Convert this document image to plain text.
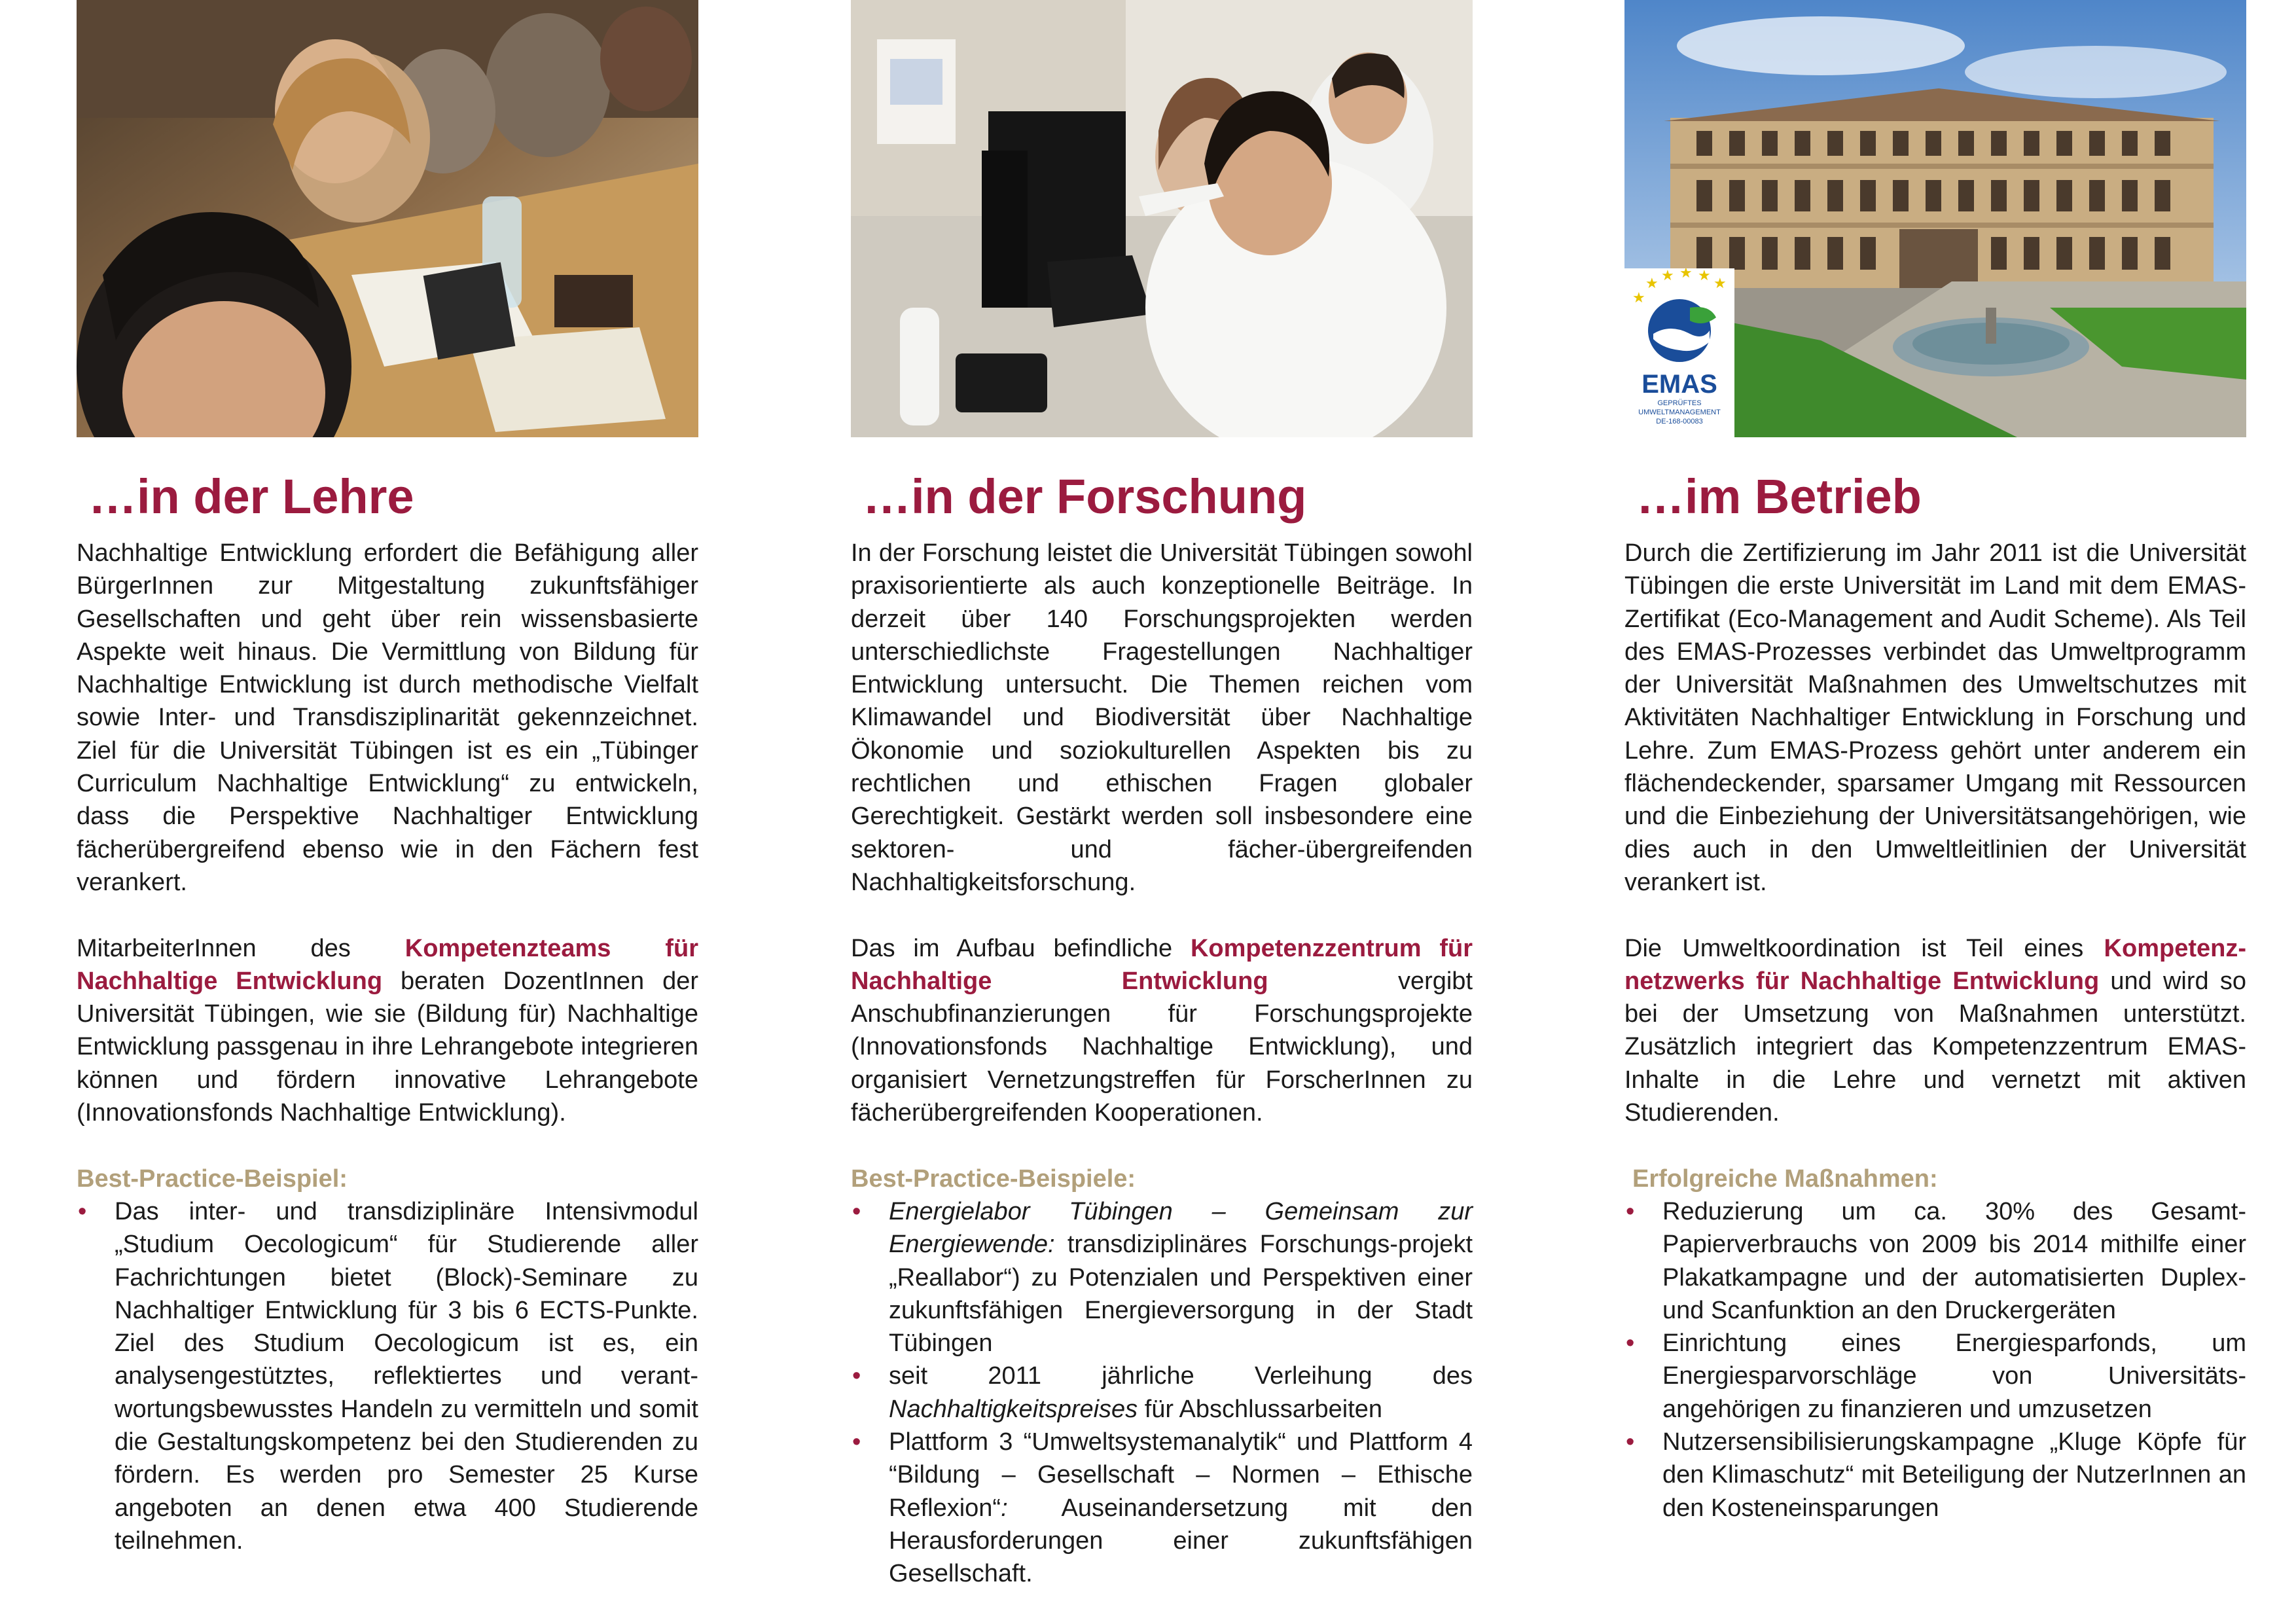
…in der Lehre

Nachhaltige Entwicklung erfordert die Befähigung aller BürgerInnen zur Mitgestaltung zukunftsfähiger Gesellschaften und geht über rein wissensbasierte Aspekte weit hinaus. Die Vermittlung von Bildung für Nachhaltige Entwicklung ist durch methodische Vielfalt sowie Inter- und Transdisziplinarität gekennzeichnet. Ziel für die Universität Tübingen ist es ein „Tübinger Curriculum Nachhaltige Entwicklung“ zu entwickeln, dass die Perspektive Nachhaltiger Entwicklung fächerübergreifend ebenso wie in den Fächern fest verankert.

MitarbeiterInnen des Kompetenzteams für Nachhaltige Entwicklung beraten DozentInnen der Universität Tübingen, wie sie (Bildung für) Nachhaltige Entwicklung passgenau in ihre Lehrangebote integrieren können und fördern innovative Lehrangebote (Innovationsfonds Nachhaltige Entwicklung).

Best-Practice-Beispiel:

• Das inter- und transdiziplinäre Intensivmodul „Studium Oecologicum“ für Studierende aller Fachrichtungen bietet (Block)-Seminare zu Nachhaltiger Entwicklung für 3 bis 6 ECTS-Punkte. Ziel des Studium Oecologicum ist es, ein analysengestütztes, reflektiertes und verant-wortungsbewusstes Handeln zu vermitteln und somit die Gestaltungskompetenz bei den Studierenden zu fördern. Es werden pro Semester 25 Kurse angeboten an denen etwa 400 Studierende teilnehmen.
…in der Forschung

In der Forschung leistet die Universität Tübingen sowohl praxisorientierte als auch konzeptionelle Beiträge. In derzeit über 140 Forschungsprojekten werden unterschiedlichste Fragestellungen Nachhaltiger Entwicklung untersucht. Die Themen reichen vom Klimawandel und Biodiversität über Nachhaltige Ökonomie und soziokulturellen Aspekten bis zu rechtlichen und ethischen Fragen globaler Gerechtigkeit. Gestärkt werden soll insbesondere eine sektoren- und fächer-übergreifenden Nachhaltigkeitsforschung.

Das im Aufbau befindliche Kompetenzzentrum für Nachhaltige Entwicklung vergibt Anschubfinanzierungen für Forschungsprojekte (Innovationsfonds Nachhaltige Entwicklung), und organisiert Vernetzungstreffen für ForscherInnen zu fächerübergreifenden Kooperationen.

Best-Practice-Beispiele:

• Energielabor Tübingen – Gemeinsam zur Energiewende: transdiziplinäres Forschungs-projekt „Reallabor“) zu Potenzialen und Perspektiven einer zukunftsfähigen Energieversorgung in der Stadt Tübingen
• seit 2011 jährliche Verleihung des Nachhaltigkeitspreises für Abschlussarbeiten
• Plattform 3 “Umweltsystemanalytik“ und Plattform 4 “Bildung – Gesellschaft – Normen – Ethische Reflexion“: Auseinandersetzung mit den Herausforderungen einer zukunftsfähigen Gesellschaft.
★ ★ ★ ★ ★
★
EMAS
GEPRÜFTES
UMWELTMANAGEMENT
DE-168-00083
…im Betrieb

Durch die Zertifizierung im Jahr 2011 ist die Universität Tübingen die erste Universität im Land mit dem EMAS-Zertifikat (Eco-Management and Audit Scheme). Als Teil des EMAS-Prozesses verbindet das Umweltprogramm der Universität Maßnahmen des Umweltschutzes mit Aktivitäten Nachhaltiger Entwicklung in Forschung und Lehre. Zum EMAS-Prozess gehört unter anderem ein flächendeckender, sparsamer Umgang mit Ressourcen und die Einbeziehung der Universitätsangehörigen, wie dies auch in den Umweltleitlinien der Universität verankert ist.

Die Umweltkoordination ist Teil eines Kompetenz-netzwerks für Nachhaltige Entwicklung und wird so bei der Umsetzung von Maßnahmen unterstützt. Zusätzlich integriert das Kompetenzzentrum EMAS-Inhalte in die Lehre und vernetzt mit aktiven Studierenden.

Erfolgreiche Maßnahmen:

• Reduzierung um ca. 30% des Gesamt-Papierverbrauchs von 2009 bis 2014 mithilfe einer Plakatkampagne und der automatisierten Duplex- und Scanfunktion an den Druckergeräten
• Einrichtung eines Energiesparfonds, um Energiesparvorschläge von Universitäts-angehörigen zu finanzieren und umzusetzen
• Nutzersensibilisierungskampagne „Kluge Köpfe für den Klimaschutz“ mit Beteiligung der NutzerInnen an den Kosteneinsparungen
